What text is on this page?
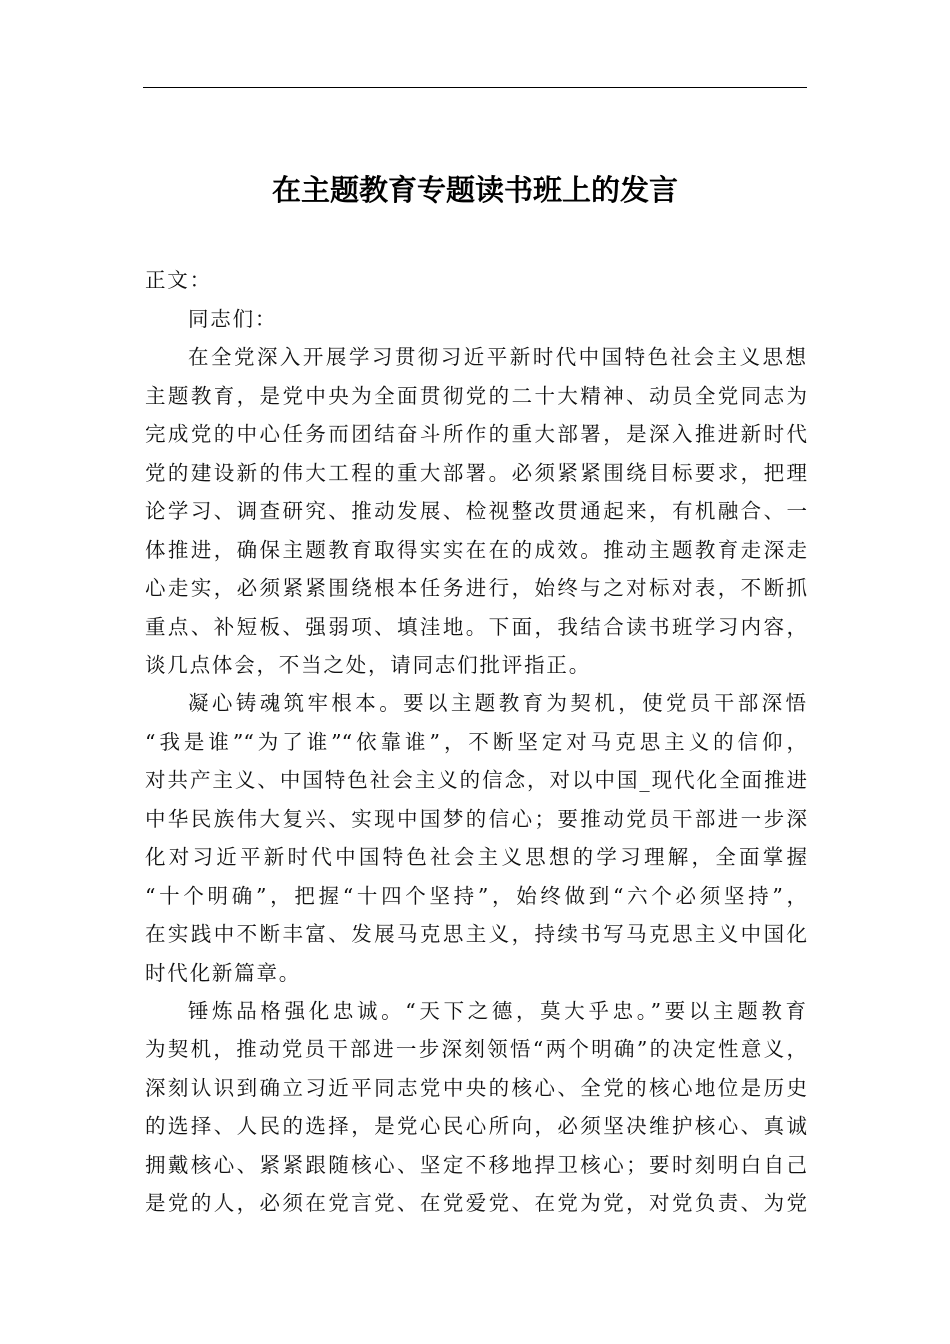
在主题教育专题读书班上的发言
正文：
同志们：
在全党深入开展学习贯彻习近平新时代中国特色社会主义思想
主题教育，是党中央为全面贯彻党的二十大精神、动员全党同志为
完成党的中心任务而团结奋斗所作的重大部署，是深入推进新时代
党的建设新的伟大工程的重大部署。必须紧紧围绕目标要求，把理
论学习、调查研究、推动发展、检视整改贯通起来，有机融合、一
体推进，确保主题教育取得实实在在的成效。推动主题教育走深走
心走实，必须紧紧围绕根本任务进行，始终与之对标对表，不断抓
重点、补短板、强弱项、填洼地。下面，我结合读书班学习内容，
谈几点体会，不当之处，请同志们批评指正。
凝心铸魂筑牢根本。要以主题教育为契机，使党员干部深悟
“我是谁”“为了谁”“依靠谁”，不断坚定对马克思主义的信仰，
对共产主义、中国特色社会主义的信念，对以中国_现代化全面推进
中华民族伟大复兴、实现中国梦的信心；要推动党员干部进一步深
化对习近平新时代中国特色社会主义思想的学习理解，全面掌握
“十个明确”，把握“十四个坚持”，始终做到“六个必须坚持”，
在实践中不断丰富、发展马克思主义，持续书写马克思主义中国化
时代化新篇章。
锤炼品格强化忠诚。“天下之德，莫大乎忠。”要以主题教育
为契机，推动党员干部进一步深刻领悟“两个明确”的决定性意义，
深刻认识到确立习近平同志党中央的核心、全党的核心地位是历史
的选择、人民的选择，是党心民心所向，必须坚决维护核心、真诚
拥戴核心、紧紧跟随核心、坚定不移地捍卫核心；要时刻明白自己
是党的人，必须在党言党、在党爱党、在党为党，对党负责、为党
